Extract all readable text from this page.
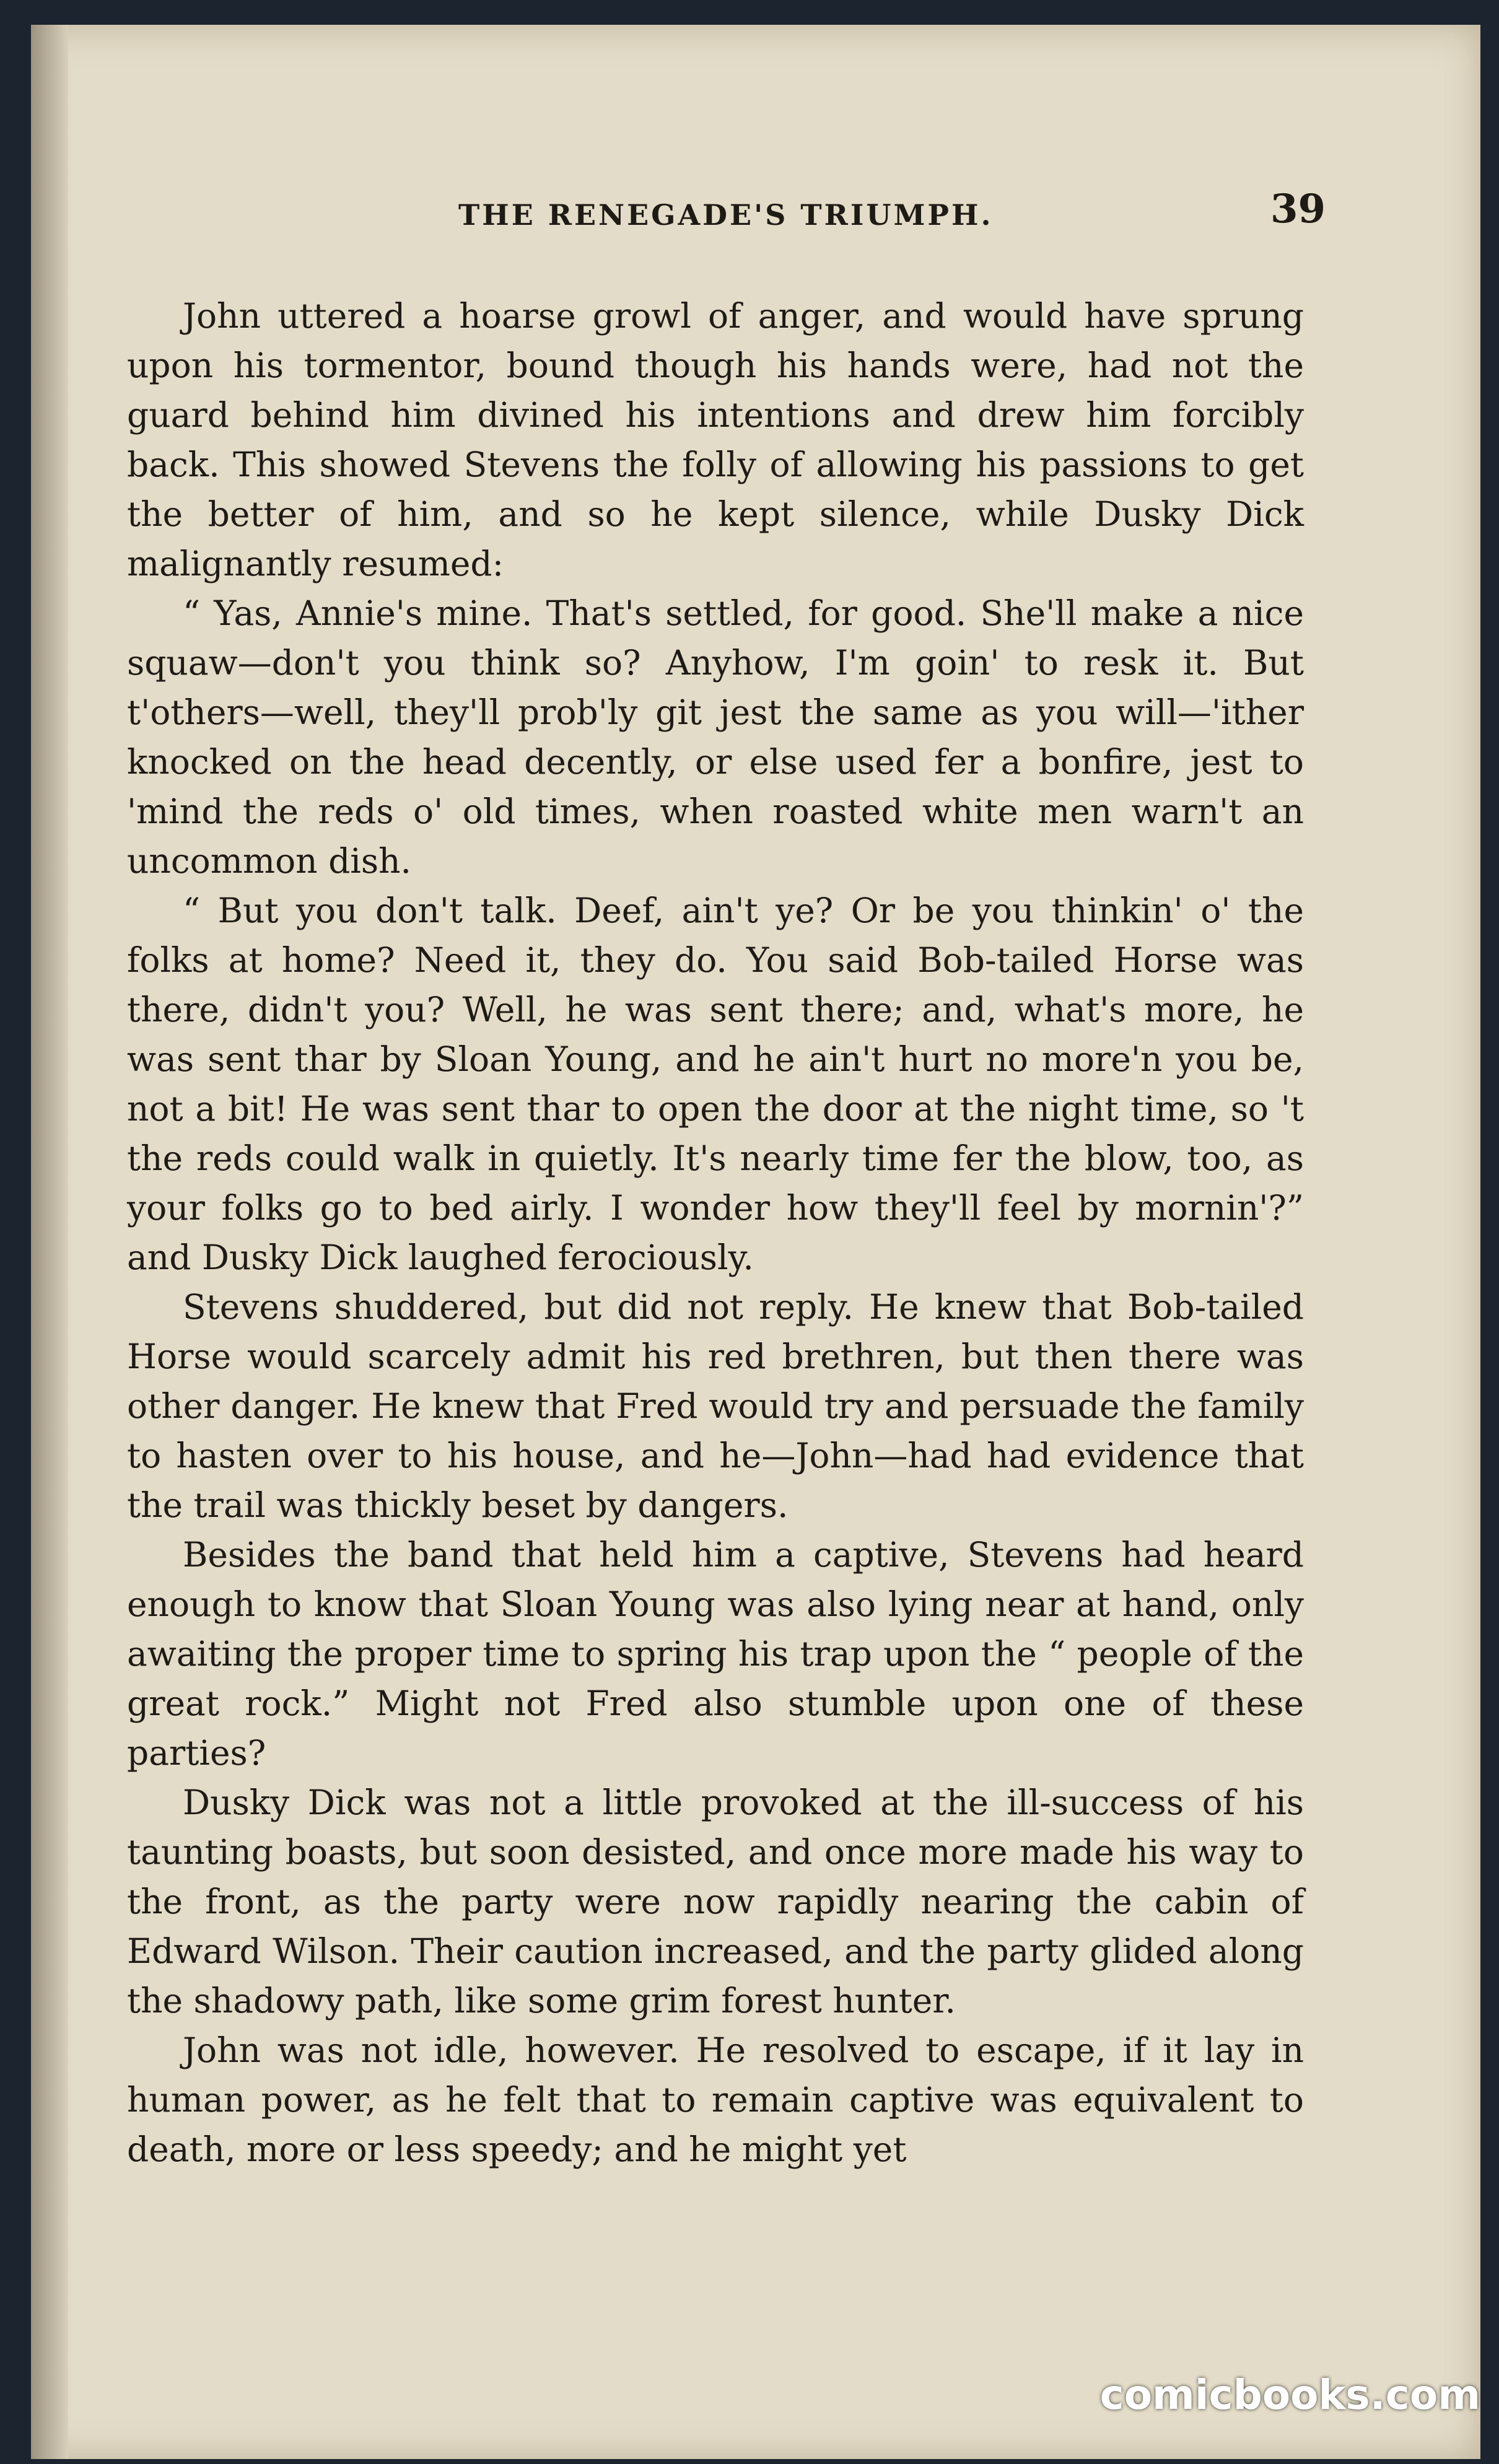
THE RENEGADE'S TRIUMPH.	39

John uttered a hoarse growl of anger, and would have sprung upon his tormentor, bound though his hands were, had not the guard behind him divined his intentions and drew him forcibly back. This showed Stevens the folly of allowing his passions to get the better of him, and so he kept silence, while Dusky Dick malignantly resumed:

“ Yas, Annie's mine. That's settled, for good. She'll make a nice squaw—don't you think so? Anyhow, I'm goin' to resk it. But t'others—well, they'll prob'ly git jest the same as you will—'ither knocked on the head decently, or else used fer a bonfire, jest to 'mind the reds o' old times, when roasted white men warn't an uncommon dish.

“ But you don't talk. Deef, ain't ye? Or be you thinkin' o' the folks at home? Need it, they do. You said Bob-tailed Horse was there, didn't you? Well, he was sent there; and, what's more, he was sent thar by Sloan Young, and he ain't hurt no more'n you be, not a bit! He was sent thar to open the door at the night time, so 't the reds could walk in quietly. It's nearly time fer the blow, too, as your folks go to bed airly. I wonder how they'll feel by mornin'?” and Dusky Dick laughed ferociously.

Stevens shuddered, but did not reply. He knew that Bob-tailed Horse would scarcely admit his red brethren, but then there was other danger. He knew that Fred would try and persuade the family to hasten over to his house, and he—John—had had evidence that the trail was thickly beset by dangers.

Besides the band that held him a captive, Stevens had heard enough to know that Sloan Young was also lying near at hand, only awaiting the proper time to spring his trap upon the “ people of the great rock.” Might not Fred also stumble upon one of these parties?

Dusky Dick was not a little provoked at the ill-success of his taunting boasts, but soon desisted, and once more made his way to the front, as the party were now rapidly nearing the cabin of Edward Wilson. Their caution increased, and the party glided along the shadowy path, like some grim forest hunter.

John was not idle, however. He resolved to escape, if it lay in human power, as he felt that to remain captive was equivalent to death, more or less speedy; and he might yet

comicbooks.com
